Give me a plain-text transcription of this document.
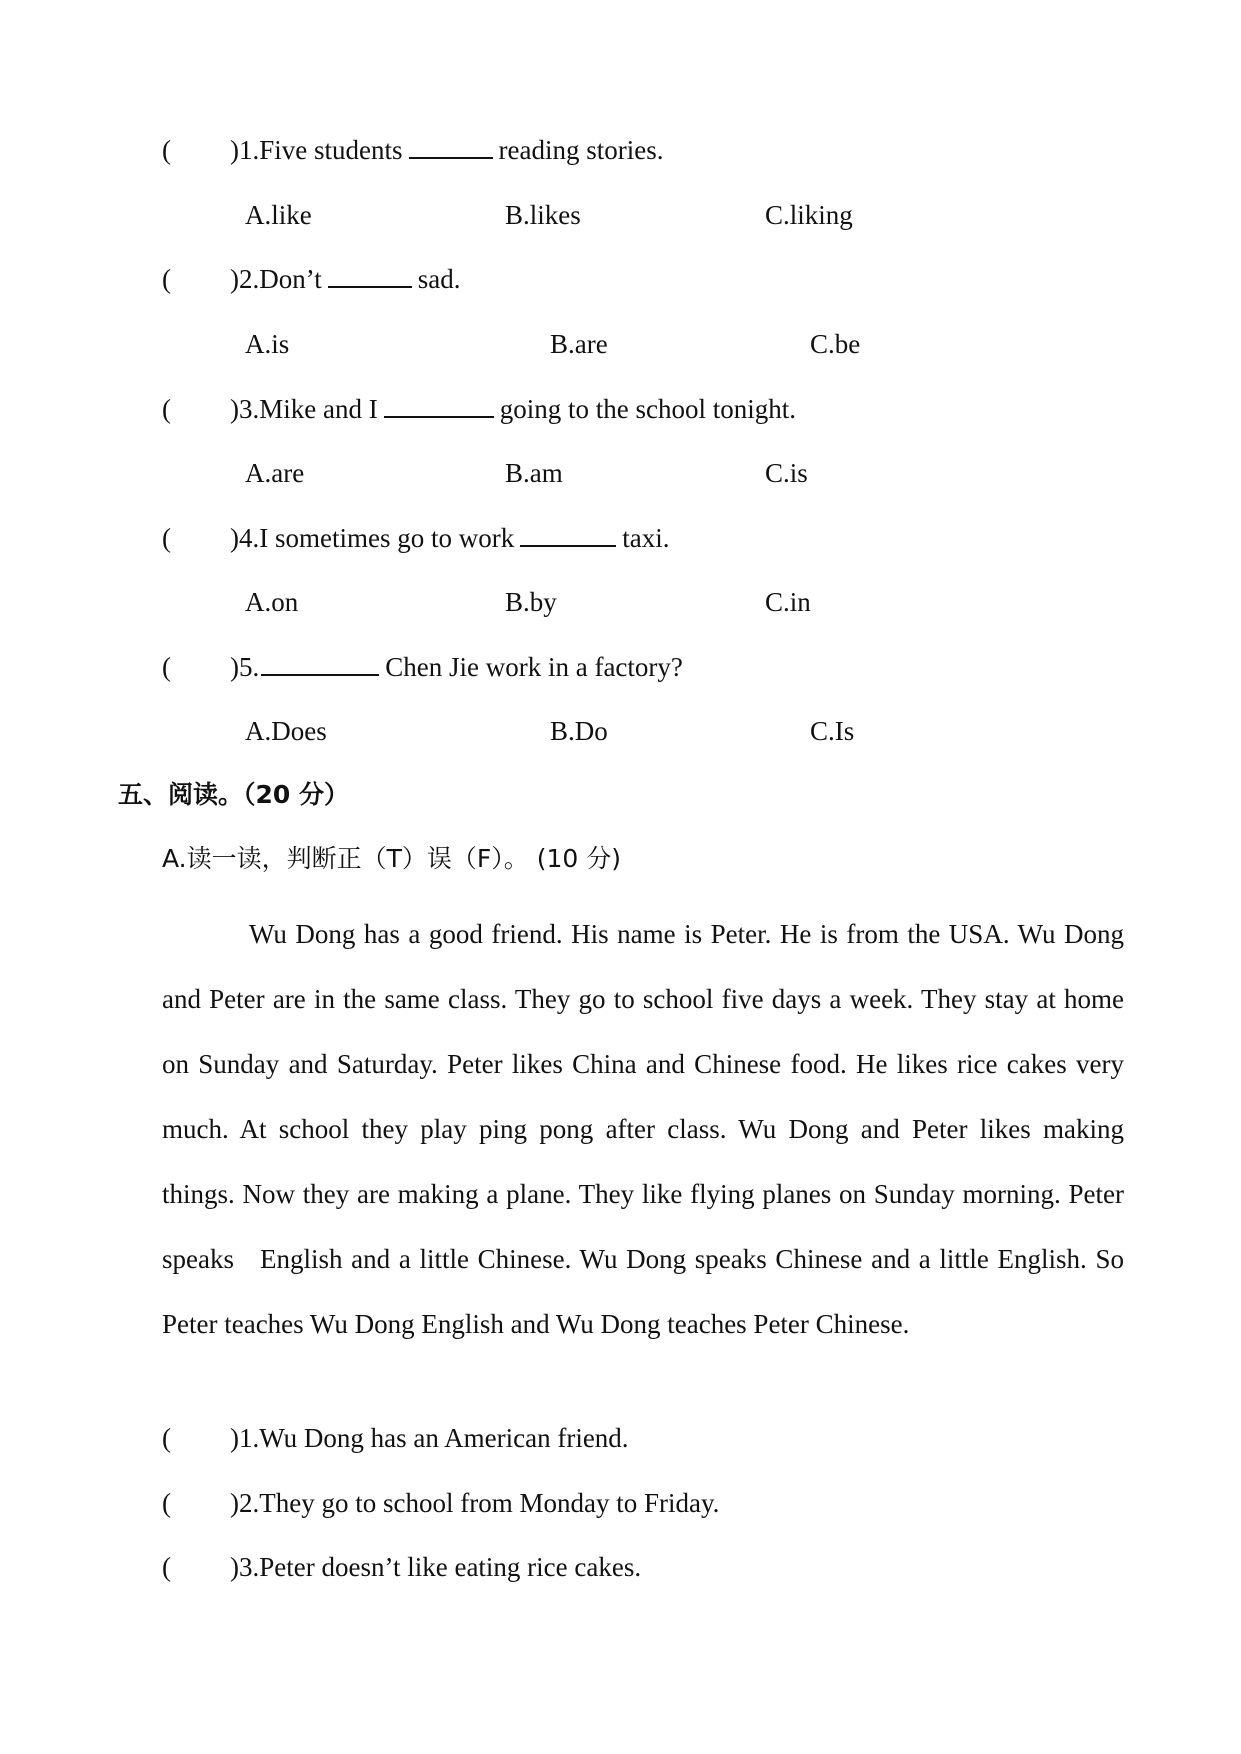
( )1.Five students	reading stories.
A.like	B.likes	C.liking
( )2.Don’t	sad.
A.is	B.are	C.be
( )3.Mike and I	going to the school tonight.
A.are	B.am	C.is
( )4.I sometimes go to work	taxi.
A.on	B.by	C.in
( )5.	Chen Jie work in a factory?
A.Does	B.Do	C.Is
五、阅读。（20 分）
A.读一读，判断正（T）误（F）。 (10 分)
Wu Dong has a good friend. His name is Peter. He is from the USA. Wu Dong and Peter are in the same class. They go to school five days a week. They stay at home on Sunday and Saturday. Peter likes China and Chinese food. He likes rice cakes very much. At school they play ping pong after class. Wu Dong and Peter likes making things. Now they are making a plane. They like flying planes on Sunday morning. Peter speaks   English and a little Chinese. Wu Dong speaks Chinese and a little English. So Peter teaches Wu Dong English and Wu Dong teaches Peter Chinese.
( )1.Wu Dong has an American friend.
( )2.They go to school from Monday to Friday.
( )3.Peter doesn’t like eating rice cakes.
